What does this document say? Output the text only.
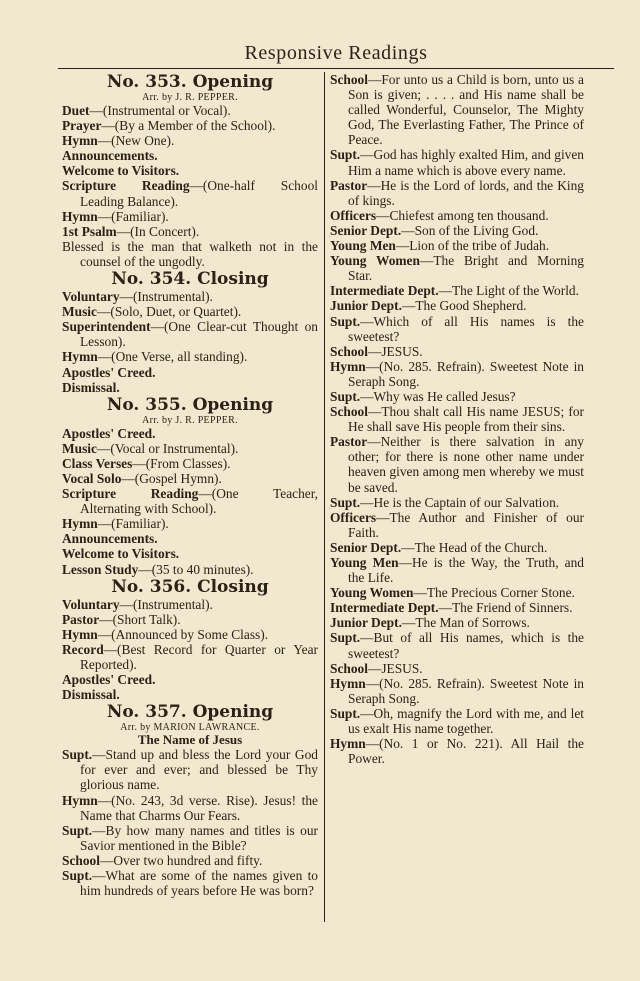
Responsive Readings
No. 353. Opening
Arr. by J. R. PEPPER.
Duet—(Instrumental or Vocal).
Prayer—(By a Member of the School).
Hymn—(New One).
Announcements.
Welcome to Visitors.
Scripture Reading—(One-half School Leading Balance).
Hymn—(Familiar).
1st Psalm—(In Concert).
Blessed is the man that walketh not in the counsel of the ungodly.
No. 354. Closing
Voluntary—(Instrumental).
Music—(Solo, Duet, or Quartet).
Superintendent—(One Clear-cut Thought on Lesson).
Hymn—(One Verse, all standing).
Apostles' Creed.
Dismissal.
No. 355. Opening
Arr. by J. R. PEPPER.
Apostles' Creed.
Music—(Vocal or Instrumental).
Class Verses—(From Classes).
Vocal Solo—(Gospel Hymn).
Scripture Reading—(One Teacher, Alternating with School).
Hymn—(Familiar).
Announcements.
Welcome to Visitors.
Lesson Study—(35 to 40 minutes).
No. 356. Closing
Voluntary—(Instrumental).
Pastor—(Short Talk).
Hymn—(Announced by Some Class).
Record—(Best Record for Quarter or Year Reported).
Apostles' Creed.
Dismissal.
No. 357. Opening
Arr. by MARION LAWRANCE.
The Name of Jesus
Supt.—Stand up and bless the Lord your God for ever and ever; and blessed be Thy glorious name.
Hymn—(No. 243, 3d verse. Rise). Jesus! the Name that Charms Our Fears.
Supt.—By how many names and titles is our Savior mentioned in the Bible?
School—Over two hundred and fifty.
Supt.—What are some of the names given to him hundreds of years before He was born?
School—For unto us a Child is born, unto us a Son is given; . . . . and His name shall be called Wonderful, Counselor, The Mighty God, The Everlasting Father, The Prince of Peace.
Supt.—God has highly exalted Him, and given Him a name which is above every name.
Pastor—He is the Lord of lords, and the King of kings.
Officers—Chiefest among ten thousand.
Senior Dept.—Son of the Living God.
Young Men—Lion of the tribe of Judah.
Young Women—The Bright and Morning Star.
Intermediate Dept.—The Light of the World.
Junior Dept.—The Good Shepherd.
Supt.—Which of all His names is the sweetest?
School—JESUS.
Hymn—(No. 285. Refrain). Sweetest Note in Seraph Song.
Supt.—Why was He called Jesus?
School—Thou shalt call His name JESUS; for He shall save His people from their sins.
Pastor—Neither is there salvation in any other; for there is none other name under heaven given among men whereby we must be saved.
Supt.—He is the Captain of our Salvation.
Officers—The Author and Finisher of our Faith.
Senior Dept.—The Head of the Church.
Young Men—He is the Way, the Truth, and the Life.
Young Women—The Precious Corner Stone.
Intermediate Dept.—The Friend of Sinners.
Junior Dept.—The Man of Sorrows.
Supt.—But of all His names, which is the sweetest?
School—JESUS.
Hymn—(No. 285. Refrain). Sweetest Note in Seraph Song.
Supt.—Oh, magnify the Lord with me, and let us exalt His name together.
Hymn—(No. 1 or No. 221). All Hail the Power.
